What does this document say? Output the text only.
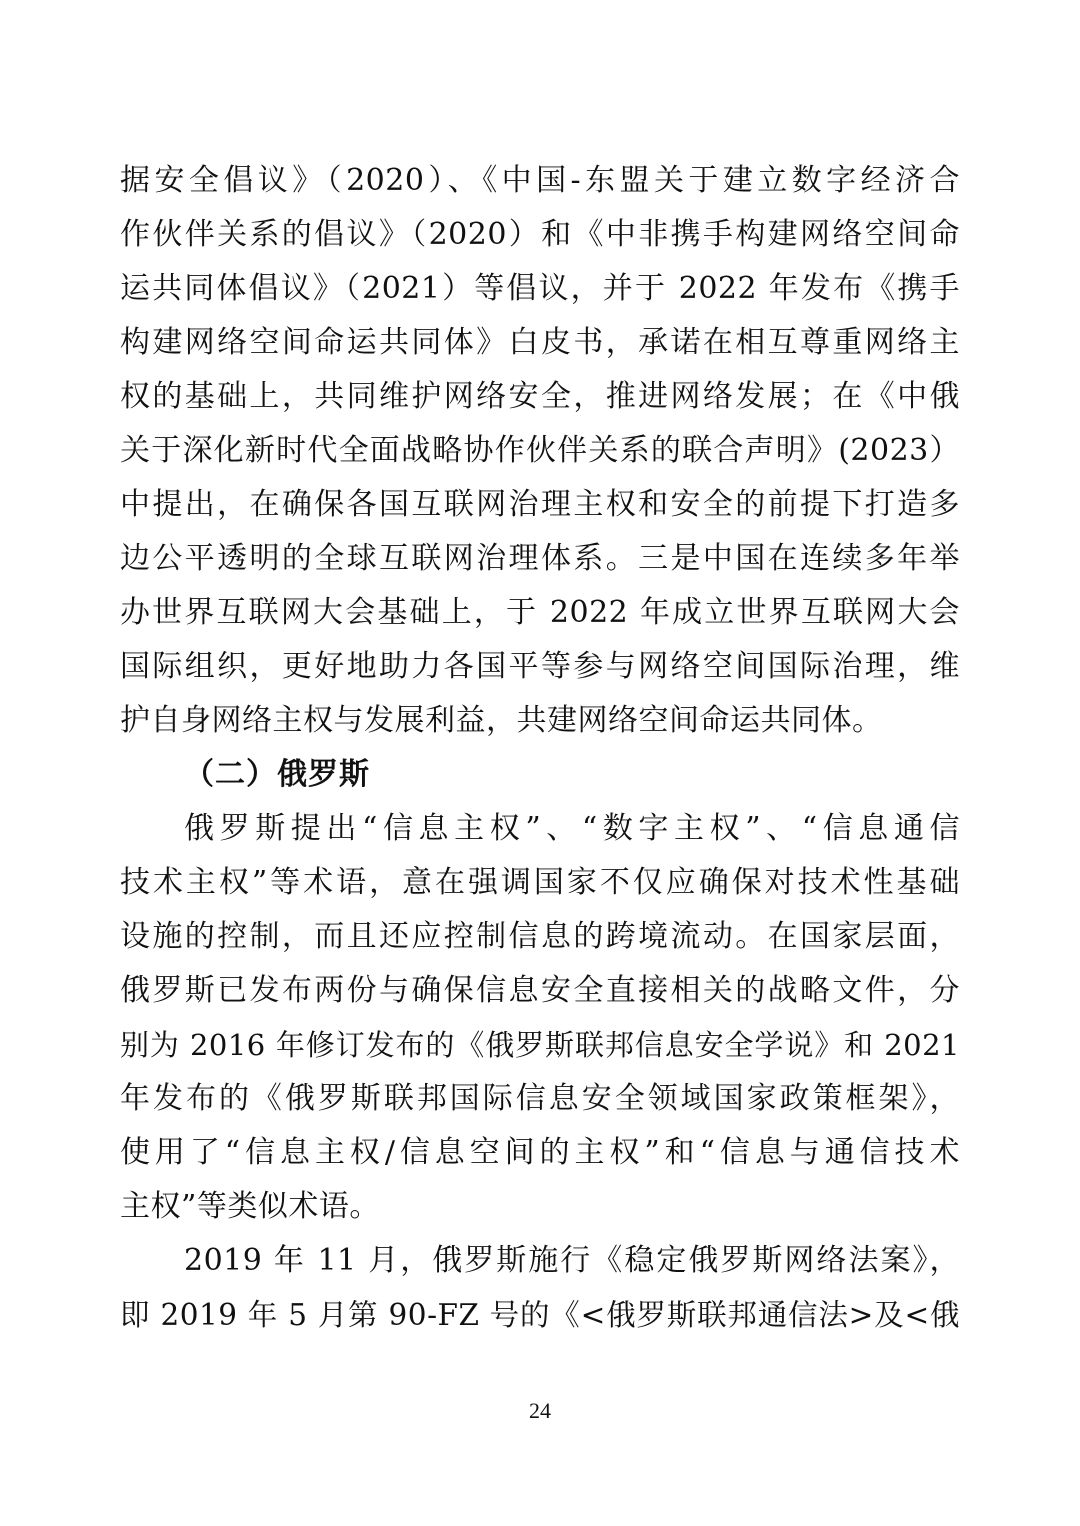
据安全倡议》（2020）、《中国-东盟关于建立数字经济合
作伙伴关系的倡议》（2020）和《中非携手构建网络空间命
运共同体倡议》（2021）等倡议，并于 2022 年发布《携手
构建网络空间命运共同体》白皮书，承诺在相互尊重网络主
权的基础上，共同维护网络安全，推进网络发展；在《中俄
关于深化新时代全面战略协作伙伴关系的联合声明》(2023）
中提出，在确保各国互联网治理主权和安全的前提下打造多
边公平透明的全球互联网治理体系。三是中国在连续多年举
办世界互联网大会基础上，于 2022 年成立世界互联网大会
国际组织，更好地助力各国平等参与网络空间国际治理，维
护自身网络主权与发展利益，共建网络空间命运共同体。
（二）俄罗斯
俄罗斯提出“信息主权”、“数字主权”、“信息通信
技术主权”等术语，意在强调国家不仅应确保对技术性基础
设施的控制，而且还应控制信息的跨境流动。在国家层面，
俄罗斯已发布两份与确保信息安全直接相关的战略文件，分
别为 2016 年修订发布的《俄罗斯联邦信息安全学说》和 2021
年发布的《俄罗斯联邦国际信息安全领域国家政策框架》，
使用了“信息主权/信息空间的主权”和“信息与通信技术
主权”等类似术语。
2019 年 11 月，俄罗斯施行《稳定俄罗斯网络法案》，
即 2019 年 5 月第 90-FZ 号的《<俄罗斯联邦通信法>及<俄
24
